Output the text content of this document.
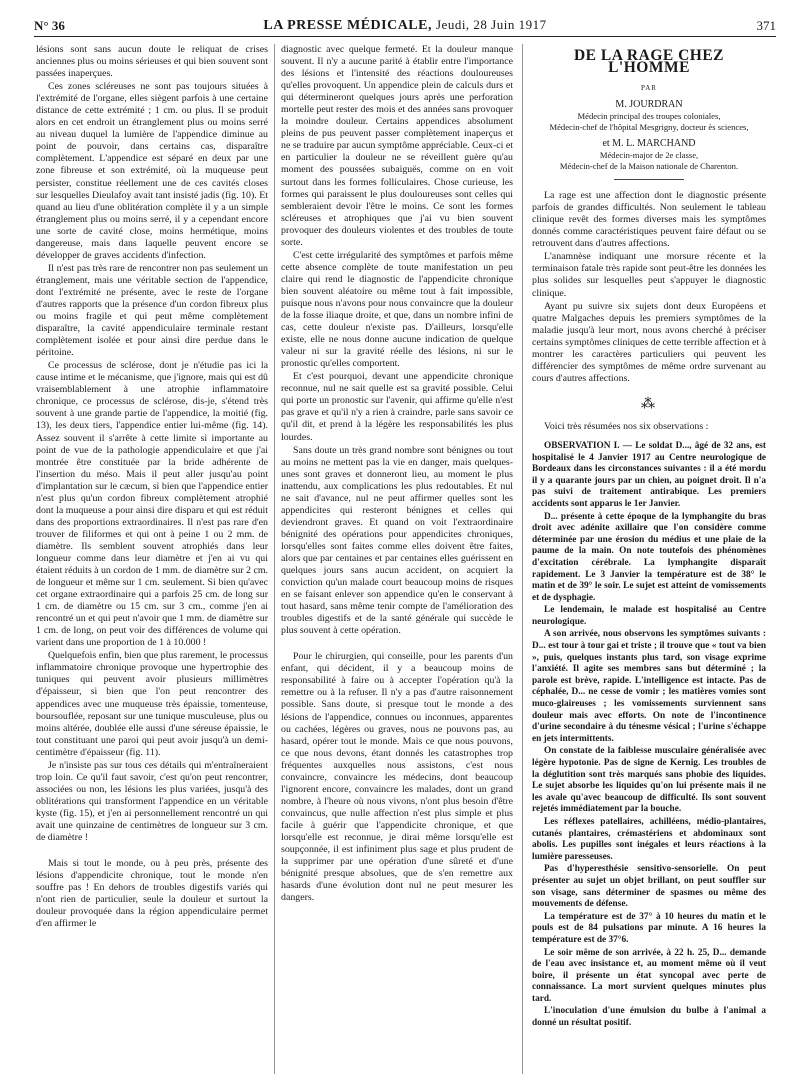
N° 36	LA PRESSE MÉDICALE, Jeudi, 28 Juin 1917	371

lésions sont sans aucun doute le reliquat de crises anciennes plus ou moins sérieuses et qui bien souvent sont passées inaperçues.

Ces zones scléreuses ne sont pas toujours situées à l'extrémité de l'organe, elles siègent parfois à une certaine distance de cette extrémité ; 1 cm. ou plus. Il se produit alors en cet endroit un étranglement plus ou moins serré au niveau duquel la lumière de l'appendice diminue au point de pouvoir, dans certains cas, disparaître complètement. L'appendice est séparé en deux par une zone fibreuse et son extrémité, où la muqueuse peut persister, constitue réellement une de ces cavités closes sur lesquelles Dieulafoy avait tant insisté jadis (fig. 10). Et quand au lieu d'une oblitération complète il y a un simple étranglement plus ou moins serré, il y a cependant encore une sorte de cavité close, moins hermétique, moins dangereuse, mais dans laquelle peuvent encore se développer de graves accidents d'infection.

Il n'est pas très rare de rencontrer non pas seulement un étranglement, mais une véritable section de l'appendice, dont l'extrémité ne présente, avec le reste de l'organe d'autres rapports que la présence d'un cordon fibreux plus ou moins fragile et qui peut même complètement disparaître, la cavité appendiculaire terminale restant complètement isolée et pour ainsi dire perdue dans le péritoine.

Ce processus de sclérose, dont je n'étudie pas ici la cause intime et le mécanisme, que j'ignore, mais qui est dû vraisemblablement à une atrophie inflammatoire chronique, ce processus de sclérose, dis-je, s'étend très souvent à une grande partie de l'appendice, la moitié (fig. 13), les deux tiers, l'appendice entier lui-même (fig. 14). Assez souvent il s'arrête à cette limite si importante au point de vue de la pathologie appendiculaire et que j'ai montrée être constituée par la bride adhérente de l'insertion du méso. Mais il peut aller jusqu'au point d'implantation sur le cæcum, si bien que l'appendice entier n'est plus qu'un cordon fibreux complètement atrophié dont la muqueuse a pour ainsi dire disparu et qui est réduit dans des proportions extraordinaires. Il n'est pas rare d'en trouver de filiformes et qui ont à peine 1 ou 2 mm. de diamètre. Ils semblent souvent atrophiés dans leur longueur comme dans leur diamètre et j'en ai vu qui étaient réduits à un cordon de 1 mm. de diamètre sur 2 cm. de longueur et même sur 1 cm. seulement. Si bien qu'avec cet organe extraordinaire qui a parfois 25 cm. de long sur 1 cm. de diamètre ou 15 cm. sur 3 cm., comme j'en ai rencontré un et qui peut n'avoir que 1 mm. de diamètre sur 1 cm. de long, on peut voir des différences de volume qui varient dans une proportion de 1 à 10.000 !

Quelquefois enfin, bien que plus rarement, le processus inflammatoire chronique provoque une hypertrophie des tuniques qui peuvent avoir plusieurs millimètres d'épaisseur, si bien que l'on peut rencontrer des appendices avec une muqueuse très épaissie, tomenteuse, boursouflée, reposant sur une tunique musculeuse, plus ou moins altérée, doublée elle aussi d'une séreuse épaissie, le tout constituant une paroi qui peut avoir jusqu'à un demi-centimètre d'épaisseur (fig. 11).

Je n'insiste pas sur tous ces détails qui m'entraîneraient trop loin. Ce qu'il faut savoir, c'est qu'on peut rencontrer, associées ou non, les lésions les plus variées, jusqu'à des oblitérations qui transforment l'appendice en un véritable kyste (fig. 15), et j'en ai personnellement rencontré un qui avait une quinzaine de centimètres de longueur sur 3 cm. de diamètre !

Mais si tout le monde, ou à peu près, présente des lésions d'appendicite chronique, tout le monde n'en souffre pas ! En dehors de troubles digestifs variés qui n'ont rien de particulier, seule la douleur et surtout la douleur provoquée dans la région appendiculaire permet d'en affirmer le

diagnostic avec quelque fermeté. Et la douleur manque souvent. Il n'y a aucune parité à établir entre l'importance des lésions et l'intensité des réactions douloureuses qu'elles provoquent. Un appendice plein de calculs durs et qui détermineront quelques jours après une perforation mortelle peut rester des mois et des années sans provoquer la moindre douleur. Certains appendices absolument pleins de pus peuvent passer complètement inaperçus et ne se traduire par aucun symptôme appréciable. Ceux-ci et en particulier la douleur ne se réveillent guère qu'au moment des poussées subaiguës, comme on en voit surtout dans les formes folliculaires. Chose curieuse, les formes qui paraissent le plus douloureuses sont celles qui sembleraient devoir l'être le moins. Ce sont les formes scléreuses et atrophiques que j'ai vu bien souvent provoquer des douleurs violentes et des troubles de toute sorte.

C'est cette irrégularité des symptômes et parfois même cette absence complète de toute manifestation un peu claire qui rend le diagnostic de l'appendicite chronique bien souvent aléatoire ou même tout à fait impossible, puisque nous n'avons pour nous convaincre que la douleur de la fosse iliaque droite, et que, dans un nombre infini de cas, cette douleur n'existe pas. D'ailleurs, lorsqu'elle existe, elle ne nous donne aucune indication de quelque valeur ni sur la gravité réelle des lésions, ni sur le pronostic qu'elles comportent.

Et c'est pourquoi, devant une appendicite chronique reconnue, nul ne sait quelle est sa gravité possible. Celui qui porte un pronostic sur l'avenir, qui affirme qu'elle n'est pas grave et qu'il n'y a rien à craindre, parle sans savoir ce qu'il dit, et prend à la légère les responsabilités les plus lourdes.

Sans doute un très grand nombre sont bénignes ou tout au moins ne mettent pas la vie en danger, mais quelques-unes sont graves et donneront lieu, au moment le plus inattendu, aux complications les plus redoutables. Et nul ne sait d'avance, nul ne peut affirmer quelles sont les appendicites qui resteront bénignes et celles qui deviendront graves. Et quand on voit l'extraordinaire bénignité des opérations pour appendicites chroniques, lorsqu'elles sont faites comme elles doivent être faites, alors que par centaines et par centaines elles guérissent en quelques jours sans aucun accident, on acquiert la conviction qu'un malade court beaucoup moins de risques en se faisant enlever son appendice qu'en le conservant à tout hasard, sans même tenir compte de l'amélioration des troubles digestifs et de la santé générale qui succède le plus souvent à cette opération.

Pour le chirurgien, qui conseille, pour les parents d'un enfant, qui décident, il y a beaucoup moins de responsabilité à faire ou à accepter l'opération qu'à la remettre ou à la refuser. Il n'y a pas d'autre raisonnement possible. Sans doute, si presque tout le monde a des lésions de l'appendice, connues ou inconnues, apparentes ou cachées, légères ou graves, nous ne pouvons pas, au hasard, opérer tout le monde. Mais ce que nous pouvons, ce que nous devons, étant donnés les catastrophes trop fréquentes auxquelles nous assistons, c'est nous convaincre, convaincre les médecins, dont beaucoup l'ignorent encore, convaincre les malades, dont un grand nombre, à l'heure où nous vivons, n'ont plus besoin d'être convaincus, que nulle affection n'est plus simple et plus facile à guérir que l'appendicite chronique, et que lorsqu'elle est reconnue, je dirai même lorsqu'elle est soupçonnée, il est infiniment plus sage et plus prudent de la supprimer par une opération d'une sûreté et d'une bénignité presque absolues, que de s'en remettre aux hasards d'une évolution dont nul ne peut mesurer les dangers.

DE LA RAGE CHEZ L'HOMME
PAR
M. JOURDRAN
Médecin principal des troupes coloniales,
Médecin-chef de l'hôpital Mesgrigny, docteur ès sciences,
et M. L. MARCHAND
Médecin-major de 2e classe,
Médecin-chef de la Maison nationale de Charenton.

La rage est une affection dont le diagnostic présente parfois de grandes difficultés. Non seulement le tableau clinique revêt des formes diverses mais les symptômes donnés comme caractéristiques peuvent faire défaut ou se retrouvent dans d'autres affections.

L'anamnèse indiquant une morsure récente et la terminaison fatale très rapide sont peut-être les données les plus solides sur lesquelles peut s'appuyer le diagnostic clinique.

Ayant pu suivre six sujets dont deux Européens et quatre Malgaches depuis les premiers symptômes de la maladie jusqu'à leur mort, nous avons cherché à préciser certains symptômes cliniques de cette terrible affection et à montrer les caractères particuliers qui peuvent les différencier des symptômes de même ordre survenant au cours d'autres affections.

⁂

Voici très résumées nos six observations :

OBSERVATION I. — Le soldat D..., âgé de 32 ans, est hospitalisé le 4 Janvier 1917 au Centre neurologique de Bordeaux dans les circonstances suivantes : il a été mordu il y a quarante jours par un chien, au poignet droit. Il n'a pas suivi de traitement antirabique. Les premiers accidents sont apparus le 1er Janvier.

D... présente à cette époque de la lymphangite du bras droit avec adénite axillaire que l'on considère comme déterminée par une érosion du médius et une plaie de la paume de la main. On note toutefois des phénomènes d'excitation cérébrale. La lymphangite disparaît rapidement. Le 3 Janvier la température est de 38° le matin et de 39° le soir. Le sujet est atteint de vomissements et de dysphagie.

Le lendemain, le malade est hospitalisé au Centre neurologique.

A son arrivée, nous observons les symptômes suivants : D... est tour à tour gai et triste ; il trouve que « tout va bien », puis, quelques instants plus tard, son visage exprime l'anxiété. Il agite ses membres sans but déterminé ; la parole est brève, rapide. L'intelligence est intacte. Pas de céphalée, D... ne cesse de vomir ; les matières vomies sont muco-glaireuses ; les vomissements surviennent sans douleur mais avec efforts. On note de l'incontinence d'urine secondaire à du ténesme vésical ; l'urine s'échappe en jets intermittents.

On constate de la faiblesse musculaire généralisée avec légère hypotonie. Pas de signe de Kernig. Les troubles de la déglutition sont très marqués sans phobie des liquides. Le sujet absorbe les liquides qu'on lui présente mais il ne les avale qu'avec beaucoup de difficulté. Ils sont souvent rejetés immédiatement par la bouche.

Les réflexes patellaires, achilléens, médio-plantaires, cutanés plantaires, crémastériens et abdominaux sont abolis. Les pupilles sont inégales et leurs réactions à la lumière paresseuses.

Pas d'hyperesthésie sensitivo-sensorielle. On peut présenter au sujet un objet brillant, on peut souffler sur son visage, sans déterminer de spasmes ou même des mouvements de défense.

La température est de 37° à 10 heures du matin et le pouls est de 84 pulsations par minute. A 16 heures la température est de 37°6.

Le soir même de son arrivée, à 22 h. 25, D... demande de l'eau avec insistance et, au moment même où il veut boire, il présente un état syncopal avec perte de connaissance. La mort survient quelques minutes plus tard.

L'inoculation d'une émulsion du bulbe à l'animal a donné un résultat positif.
